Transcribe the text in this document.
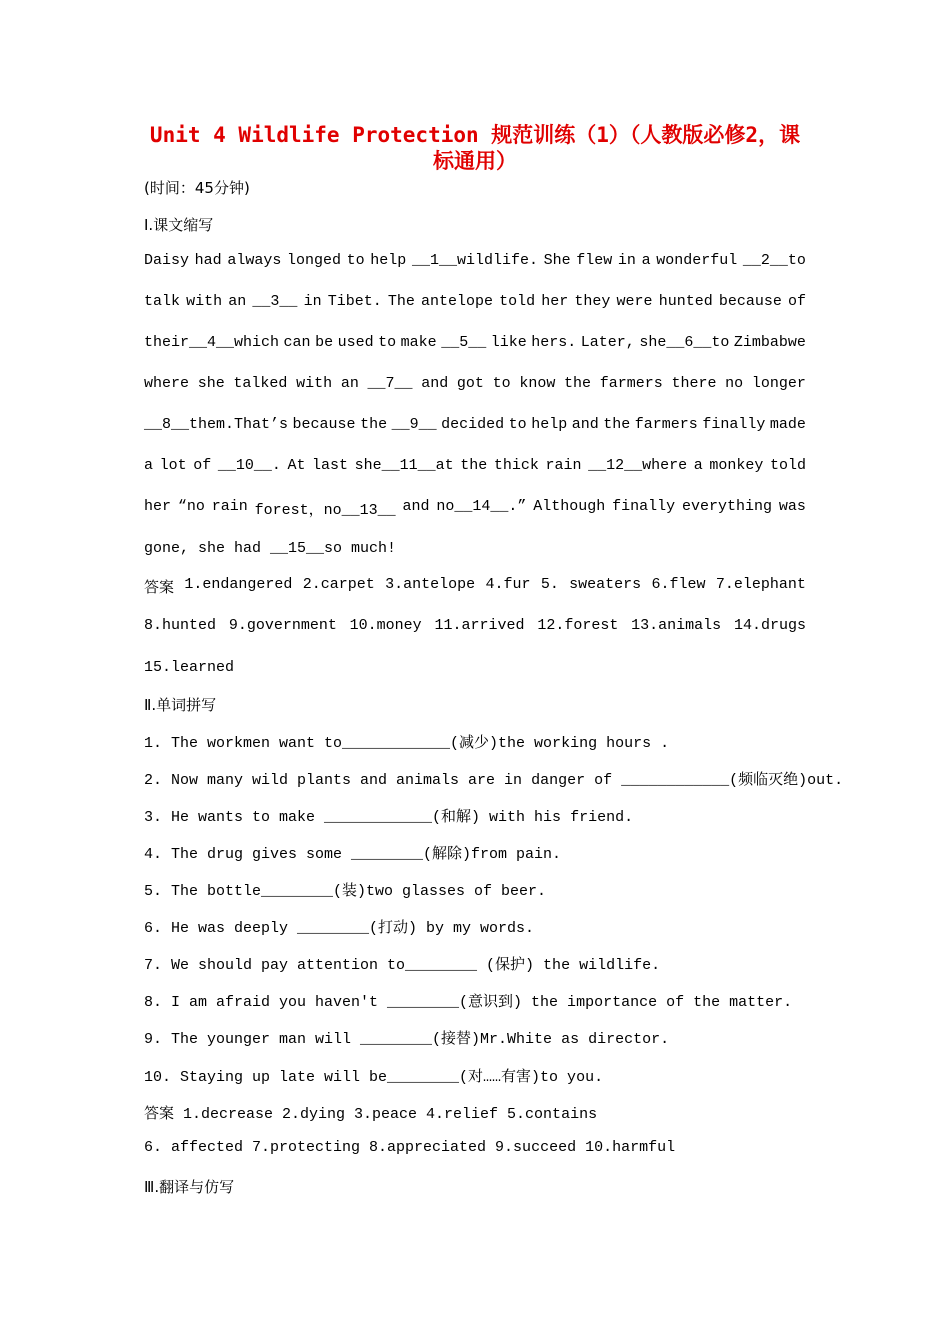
Unit 4 Wildlife Protection 规范训练（1）（人教版必修2，课
标通用）
(时间：45分钟)
I.课文缩写
Daisy had always longed to help __1__wildlife. She flew in a wonderful __2__to
talk with an __3__ in Tibet. The antelope told her they were hunted because of
their__4__which can be used to make __5__ like hers. Later, she__6__to Zimbabwe
where she talked with an __7__ and got to know the farmers there no longer
__8__them.That’s because the __9__ decided to help and the farmers finally made
a lot of __10__. At last she__11__at the thick rain __12__where a monkey told
her “no rain forest，no__13__ and no__14__.” Although finally everything was
gone, she had __15__so much!
答案 1.endangered 2.carpet 3.antelope 4.fur 5. sweaters 6.flew 7.elephant
8.hunted 9.government 10.money 11.arrived 12.forest 13.animals 14.drugs
15.learned
Ⅱ.单词拼写
1. The workmen want to____________(减少)the working hours .
2. Now many wild plants and animals are in danger of ____________(频临灭绝)out.
3. He wants to make ____________(和解) with his friend.
4. The drug gives some ________(解除)from pain.
5. The bottle________(装)two glasses of beer.
6. He was deeply ________(打动) by my words.
7. We should pay attention to________ (保护) the wildlife.
8. I am afraid you haven't ________(意识到) the importance of the matter.
9. The younger man will ________(接替)Mr.White as director.
10. Staying up late will be________(对……有害)to you.
答案 1.decrease 2.dying 3.peace 4.relief 5.contains
6. affected 7.protecting 8.appreciated 9.succeed 10.harmful
Ⅲ.翻译与仿写
